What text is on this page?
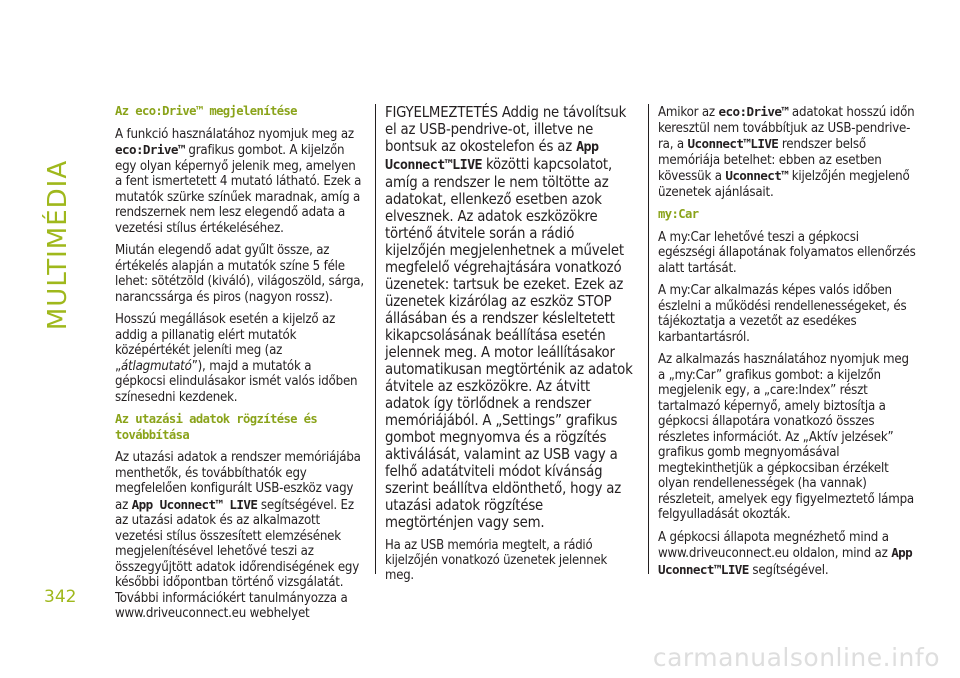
MULTIMÉDIA
Az eco:Drive™ megjelenítése

A funkció használatához nyomjuk meg az eco:Drive™ grafikus gombot. A kijelzőn egy olyan képernyő jelenik meg, amelyen a fent ismertetett 4 mutató látható. Ezek a mutatók szürke színűek maradnak, amíg a rendszernek nem lesz elegendő adata a vezetési stílus értékeléséhez.

Miután elegendő adat gyűlt össze, az értékelés alapján a mutatók színe 5 féle lehet: sötétzöld (kiváló), világoszöld, sárga, narancssárga és piros (nagyon rossz).

Hosszú megállások esetén a kijelző az addig a pillanatig elért mutatók középértékét jeleníti meg (az „átlagmutató”), majd a mutatók a gépkocsi elindulásakor ismét valós időben színesedni kezdenek.

Az utazási adatok rögzítése és továbbítása

Az utazási adatok a rendszer memóriájába menthetők, és továbbíthatók egy megfelelően konfigurált USB-eszköz vagy az App Uconnect™ LIVE segítségével. Ez az utazási adatok és az alkalmazott vezetési stílus összesített elemzésének megjelenítésével lehetővé teszi az összegyűjtött adatok időrendiségének egy későbbi időpontban történő vizsgálatát. További információkért tanulmányozza a www.driveuconnect.eu webhelyet

FIGYELMEZTETÉS Addig ne távolítsuk el az USB-pendrive-ot, illetve ne bontsuk az okostelefon és az App Uconnect™LIVE közötti kapcsolatot, amíg a rendszer le nem töltötte az adatokat, ellenkező esetben azok elvesznek. Az adatok eszközökre történő átvitele során a rádió kijelzőjén megjelenhetnek a művelet megfelelő végrehajtására vonatkozó üzenetek: tartsuk be ezeket. Ezek az üzenetek kizárólag az eszköz STOP állásában és a rendszer késleltetett kikapcsolásának beállítása esetén jelennek meg. A motor leállításakor automatikusan megtörténik az adatok átvitele az eszközökre. Az átvitt adatok így törlődnek a rendszer memóriájából. A „Settings” grafikus gombot megnyomva és a rögzítés aktiválását, valamint az USB vagy a felhő adatátviteli módot kívánság szerint beállítva eldönthető, hogy az utazási adatok rögzítése megtörténjen vagy sem.

Ha az USB memória megtelt, a rádió kijelzőjén vonatkozó üzenetek jelennek meg.

Amikor az eco:Drive™ adatokat hosszú időn keresztül nem továbbítjuk az USB-pendrive-ra, a Uconnect™LIVE rendszer belső memóriája betelhet: ebben az esetben kövessük a Uconnect™ kijelzőjén megjelenő üzenetek ajánlásait.

my:Car

A my:Car lehetővé teszi a gépkocsi egészségi állapotának folyamatos ellenőrzés alatt tartását.

A my:Car alkalmazás képes valós időben észlelni a működési rendellenességeket, és tájékoztatja a vezetőt az esedékes karbantartásról.

Az alkalmazás használatához nyomjuk meg a „my:Car” grafikus gombot: a kijelzőn megjelenik egy, a „care:Index” részt tartalmazó képernyő, amely biztosítja a gépkocsi állapotára vonatkozó összes részletes információt. Az „Aktív jelzések” grafikus gomb megnyomásával megtekinthetjük a gépkocsiban érzékelt olyan rendellenességek (ha vannak) részleteit, amelyek egy figyelmeztető lámpa felgyulladását okozták.

A gépkocsi állapota megnézhető mind a www.driveuconnect.eu oldalon, mind az App Uconnect™LIVE segítségével.

342
carmanualsonline.info
